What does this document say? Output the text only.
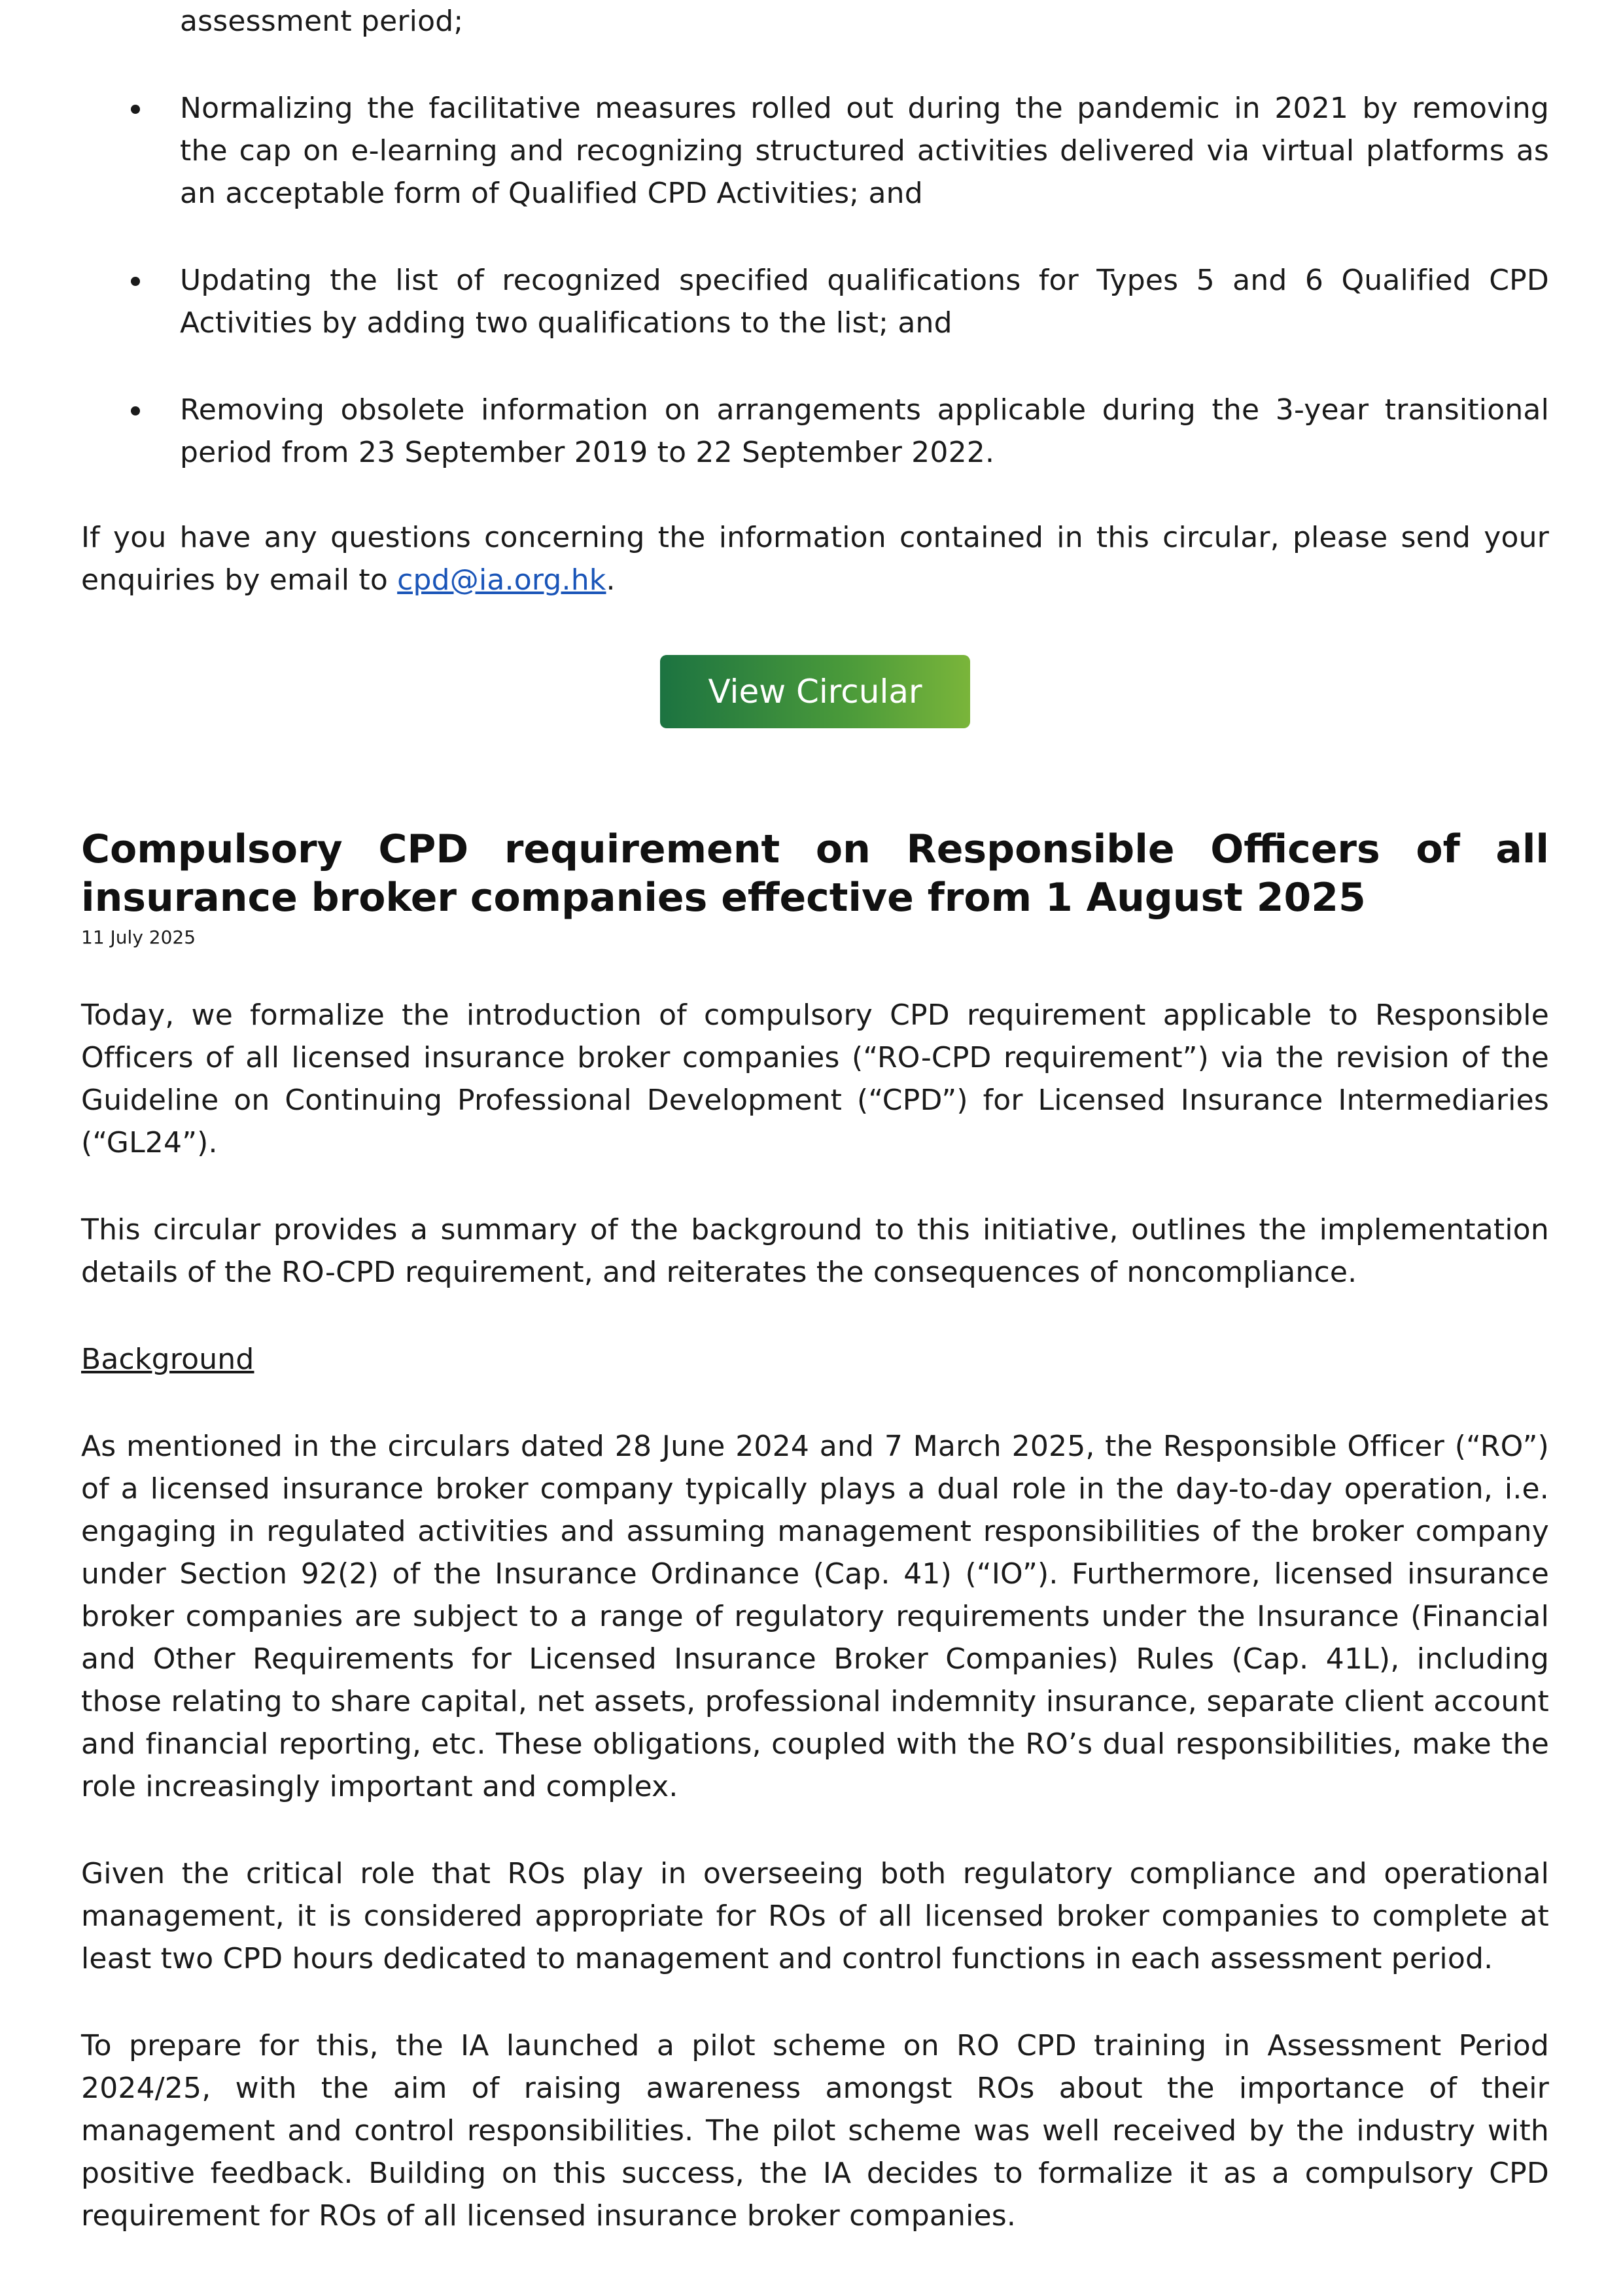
assessment period;

Normalizing the facilitative measures rolled out during the pandemic in 2021 by removing the cap on e-learning and recognizing structured activities delivered via virtual platforms as an acceptable form of Qualified CPD Activities; and
Updating the list of recognized specified qualifications for Types 5 and 6 Qualified CPD Activities by adding two qualifications to the list; and
Removing obsolete information on arrangements applicable during the 3-year transitional period from 23 September 2019 to 22 September 2022.

If you have any questions concerning the information contained in this circular, please send your enquiries by email to cpd@ia.org.hk.

View Circular
Compulsory CPD requirement on Responsible Officers of all insurance broker companies effective from 1 August 2025
11 July 2025

Today, we formalize the introduction of compulsory CPD requirement applicable to Responsible Officers of all licensed insurance broker companies (“RO-CPD requirement”) via the revision of the Guideline on Continuing Professional Development (“CPD”) for Licensed Insurance Intermediaries (“GL24”).

This circular provides a summary of the background to this initiative, outlines the implementation details of the RO-CPD requirement, and reiterates the consequences of noncompliance.

Background

As mentioned in the circulars dated 28 June 2024 and 7 March 2025, the Responsible Officer (“RO”) of a licensed insurance broker company typically plays a dual role in the day-to-day operation, i.e. engaging in regulated activities and assuming management responsibilities of the broker company under Section 92(2) of the Insurance Ordinance (Cap. 41) (“IO”). Furthermore, licensed insurance broker companies are subject to a range of regulatory requirements under the Insurance (Financial and Other Requirements for Licensed Insurance Broker Companies) Rules (Cap. 41L), including those relating to share capital, net assets, professional indemnity insurance, separate client account and financial reporting, etc. These obligations, coupled with the RO’s dual responsibilities, make the role increasingly important and complex.

Given the critical role that ROs play in overseeing both regulatory compliance and operational management, it is considered appropriate for ROs of all licensed broker companies to complete at least two CPD hours dedicated to management and control functions in each assessment period.

To prepare for this, the IA launched a pilot scheme on RO CPD training in Assessment Period 2024/25, with the aim of raising awareness amongst ROs about the importance of their management and control responsibilities. The pilot scheme was well received by the industry with positive feedback. Building on this success, the IA decides to formalize it as a compulsory CPD requirement for ROs of all licensed insurance broker companies.
